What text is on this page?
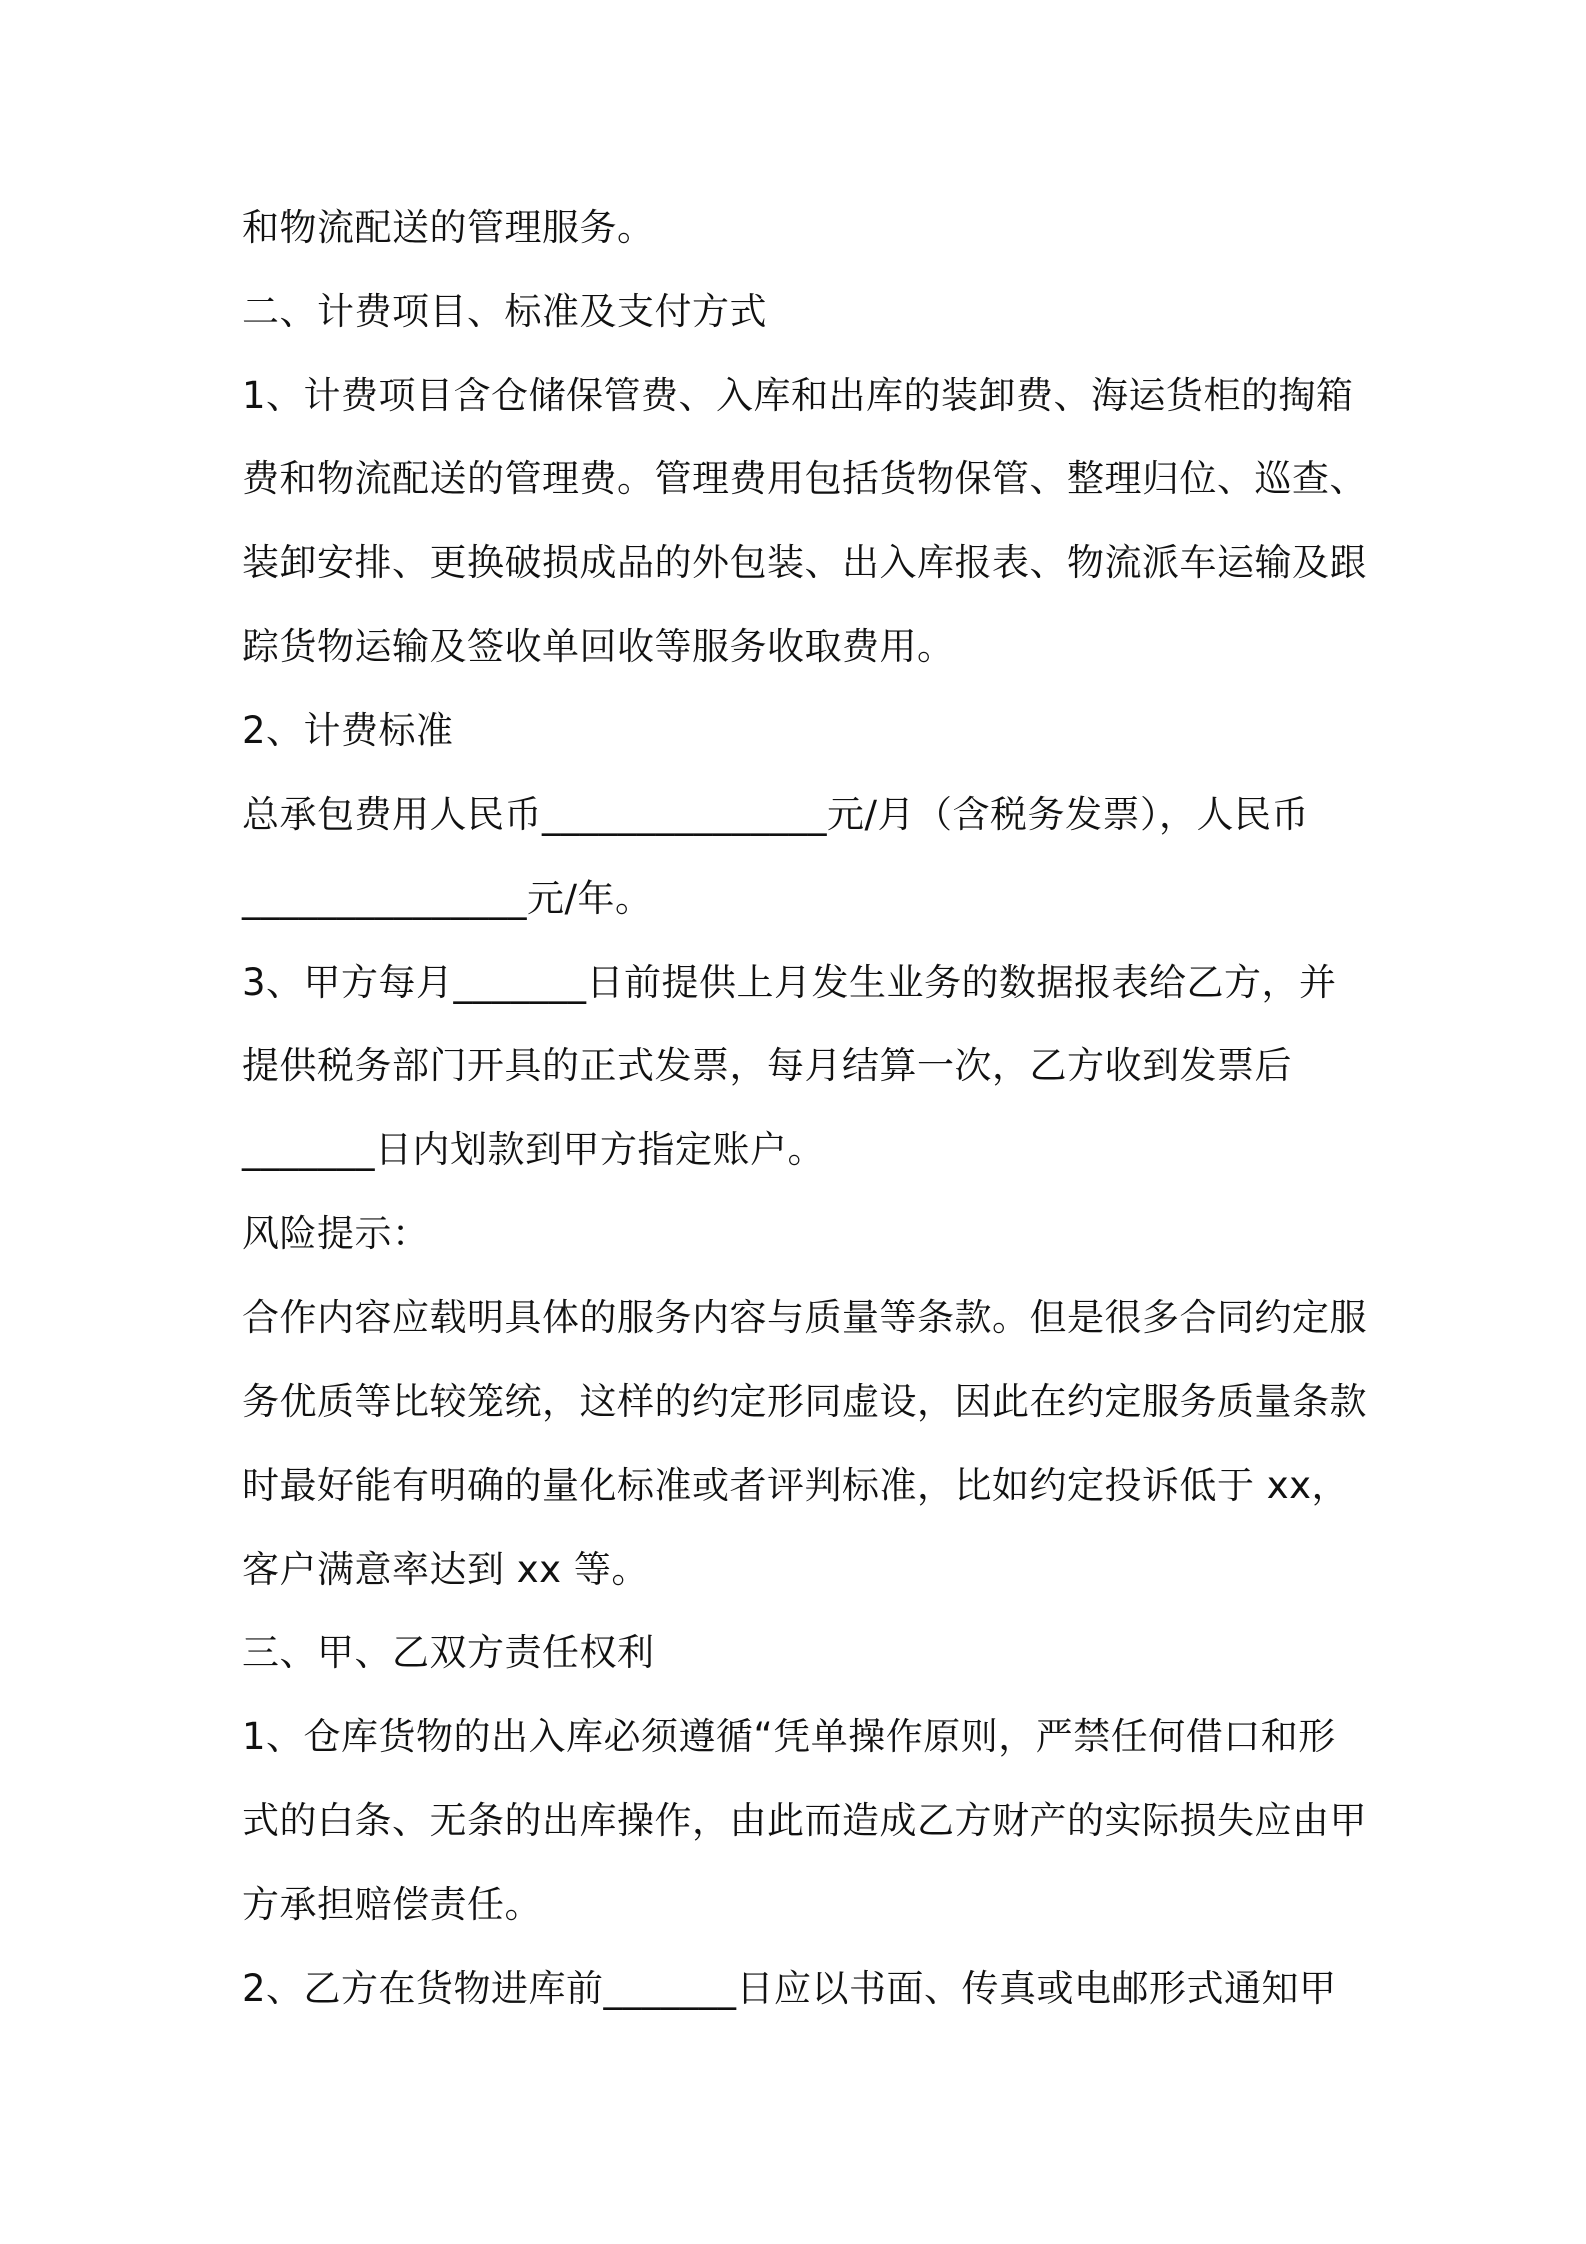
和物流配送的管理服务。
二、计费项目、标准及支付方式
1、计费项目含仓储保管费、入库和出库的装卸费、海运货柜的掏箱
费和物流配送的管理费。管理费用包括货物保管、整理归位、巡查、
装卸安排、更换破损成品的外包装、出入库报表、物流派车运输及跟
踪货物运输及签收单回收等服务收取费用。
2、计费标准
总承包费用人民币_______________元/月（含税务发票），人民币
_______________元/年。
3、甲方每月_______日前提供上月发生业务的数据报表给乙方，并
提供税务部门开具的正式发票，每月结算一次，乙方收到发票后
_______日内划款到甲方指定账户。
风险提示：
合作内容应载明具体的服务内容与质量等条款。但是很多合同约定服
务优质等比较笼统，这样的约定形同虚设，因此在约定服务质量条款
时最好能有明确的量化标准或者评判标准，比如约定投诉低于 xx，
客户满意率达到 xx 等。
三、甲、乙双方责任权利
1、仓库货物的出入库必须遵循“凭单操作原则，严禁任何借口和形
式的白条、无条的出库操作，由此而造成乙方财产的实际损失应由甲
方承担赔偿责任。
2、乙方在货物进库前_______日应以书面、传真或电邮形式通知甲
